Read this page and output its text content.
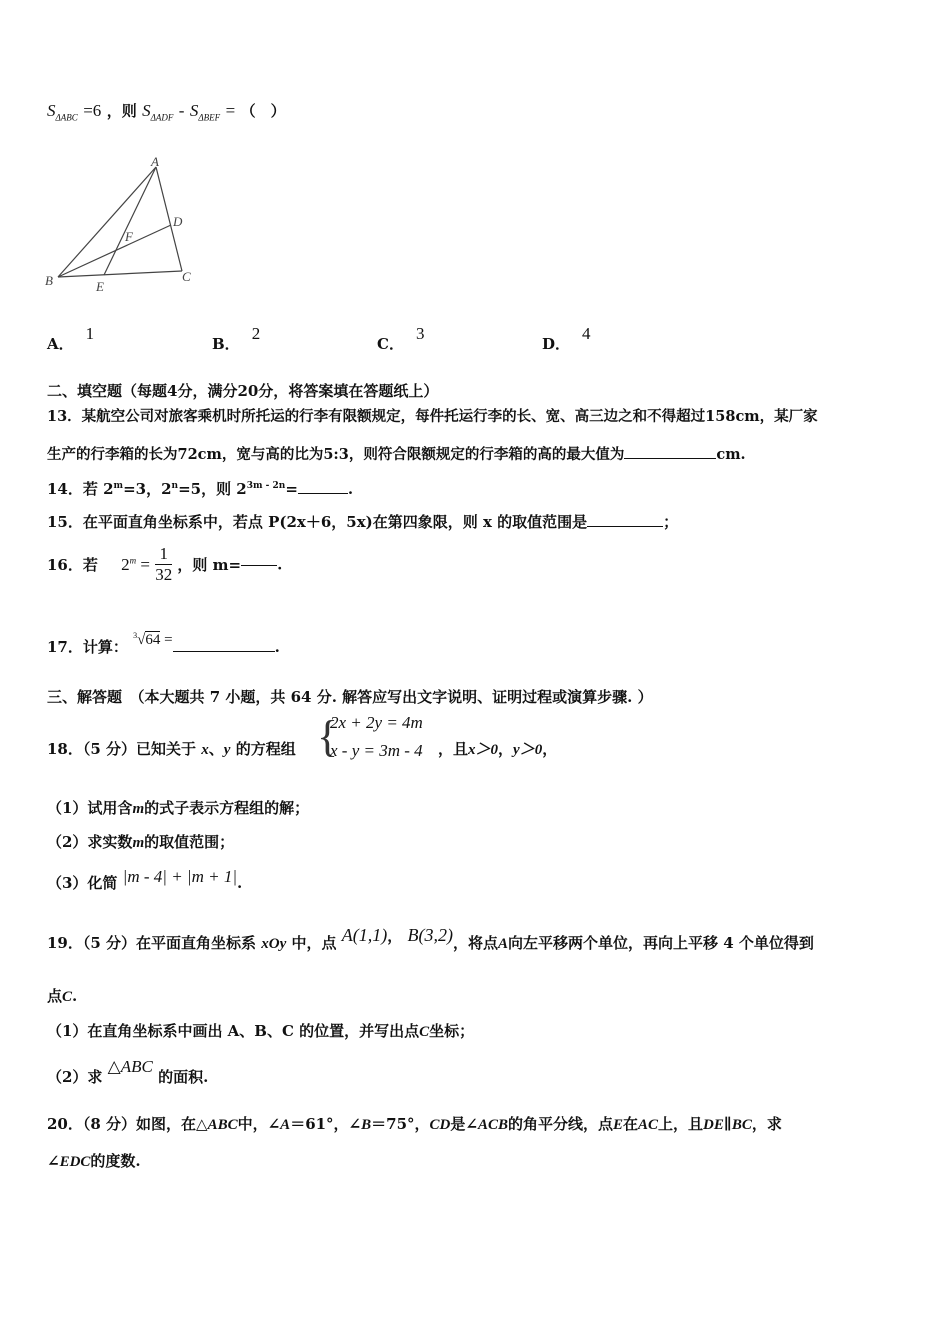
$S_{\Delta ABC} =6$ ，则 $S_{\Delta ADF} - S_{\Delta BEF}$ = （　）
A
B	C
D
E
F
A．1
B．2
C．3
D．4
二、填空题（每题4分，满分20分，将答案填在答题纸上）
13．某航空公司对旅客乘机时所托运的行李有限额规定，每件托运行李的长、宽、高三边之和不得超过158cm，某厂家
生产的行李箱的长为72cm，宽与高的比为5:3，则符合限额规定的行李箱的高的最大值为	cm.
14．若 $2^m=3$，$2^n=5$，则 $2^{3m - 2n}=$	.
15．在平面直角坐标系中，若点 P(2x＋6，5x)在第四象限，则 x 的取值范围是	；
16．若 $2^m = \frac{1}{32}$ ，则 m= .
17．计算： $^3$√64 =	.
三、解答题　（本大题共 7 小题，共 64 分. 解答应写出文字说明、证明过程或演算步骤. ）
18．（5 分）已知关于 x、y 的方程组 {
2x + 2y = 4m
x - y = 3m - 4 ，且x＞0，y＞0，
（1）试用含m的式子表示方程组的解；
（2）求实数m的取值范围；
（3）化简 |m - 4| + |m + 1|.
19．（5 分）在平面直角坐标系 xOy 中，点 A(1,1)， B(3,2)，将点A向左平移两个单位，再向上平移 4 个单位得到
点C.
（1）在直角坐标系中画出 A、B、C 的位置，并写出点C坐标；
（2）求 △ABC 的面积.
20．（8 分）如图，在△ABC中，∠A＝61°，∠B＝75°，CD是∠ACB的角平分线，点E在AC上，且DE∥BC，求
∠EDC的度数.
